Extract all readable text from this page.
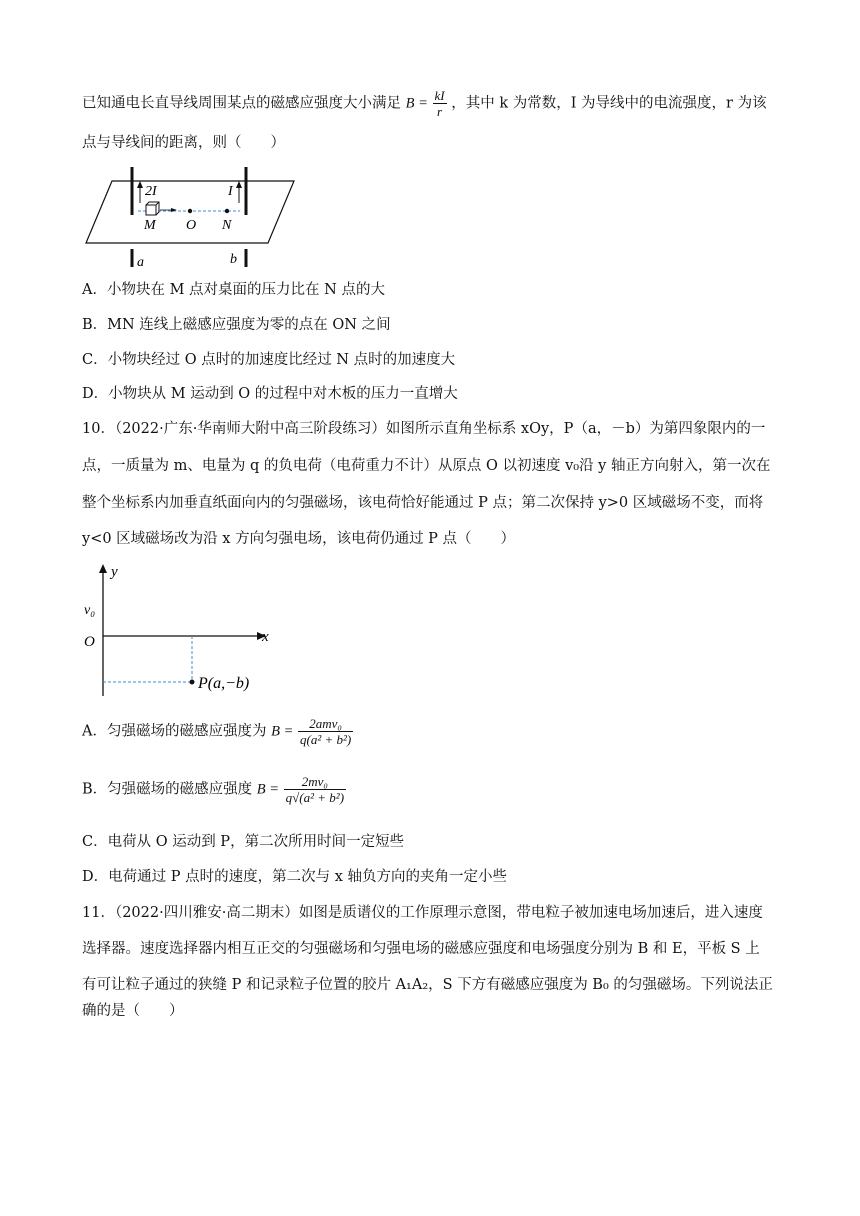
已知通电长直导线周围某点的磁感应强度大小满足 $B = \frac{kI}{r}$ ，其中 k 为常数，I 为导线中的电流强度，r 为该
点与导线间的距离，则（　　）
2I	I
M O N
a	b
A．小物块在 M 点对桌面的压力比在 N 点的大
B．MN 连线上磁感应强度为零的点在 ON 之间
C．小物块经过 O 点时的加速度比经过 N 点时的加速度大
D．小物块从 M 运动到 O 的过程中对木板的压力一直增大
10．（2022·广东·华南师大附中高三阶段练习）如图所示直角坐标系 xOy，P（a，－b）为第四象限内的一
点，一质量为 m、电量为 q 的负电荷（电荷重力不计）从原点 O 以初速度 v₀沿 y 轴正方向射入，第一次在
整个坐标系内加垂直纸面向内的匀强磁场，该电荷恰好能通过 P 点；第二次保持 y>0 区域磁场不变，而将
y<0 区域磁场改为沿 x 方向匀强电场，该电荷仍通过 P 点（　　）
y
x
O
v₀
P(a,−b)
A．匀强磁场的磁感应强度为 $B = \frac{\text{2amv₀}}{\text{q(a² + b²)}}$
B．匀强磁场的磁感应强度 $B = \frac{\text{2mv₀}}{\text{q√(a² + b²)}}$
C．电荷从 O 运动到 P，第二次所用时间一定短些
D．电荷通过 P 点时的速度，第二次与 x 轴负方向的夹角一定小些
11．（2022·四川雅安·高二期末）如图是质谱仪的工作原理示意图，带电粒子被加速电场加速后，进入速度
选择器。速度选择器内相互正交的匀强磁场和匀强电场的磁感应强度和电场强度分别为 B 和 E，平板 S 上
有可让粒子通过的狭缝 P 和记录粒子位置的胶片 A₁A₂，S 下方有磁感应强度为 B₀ 的匀强磁场。下列说法正
确的是（　　）
